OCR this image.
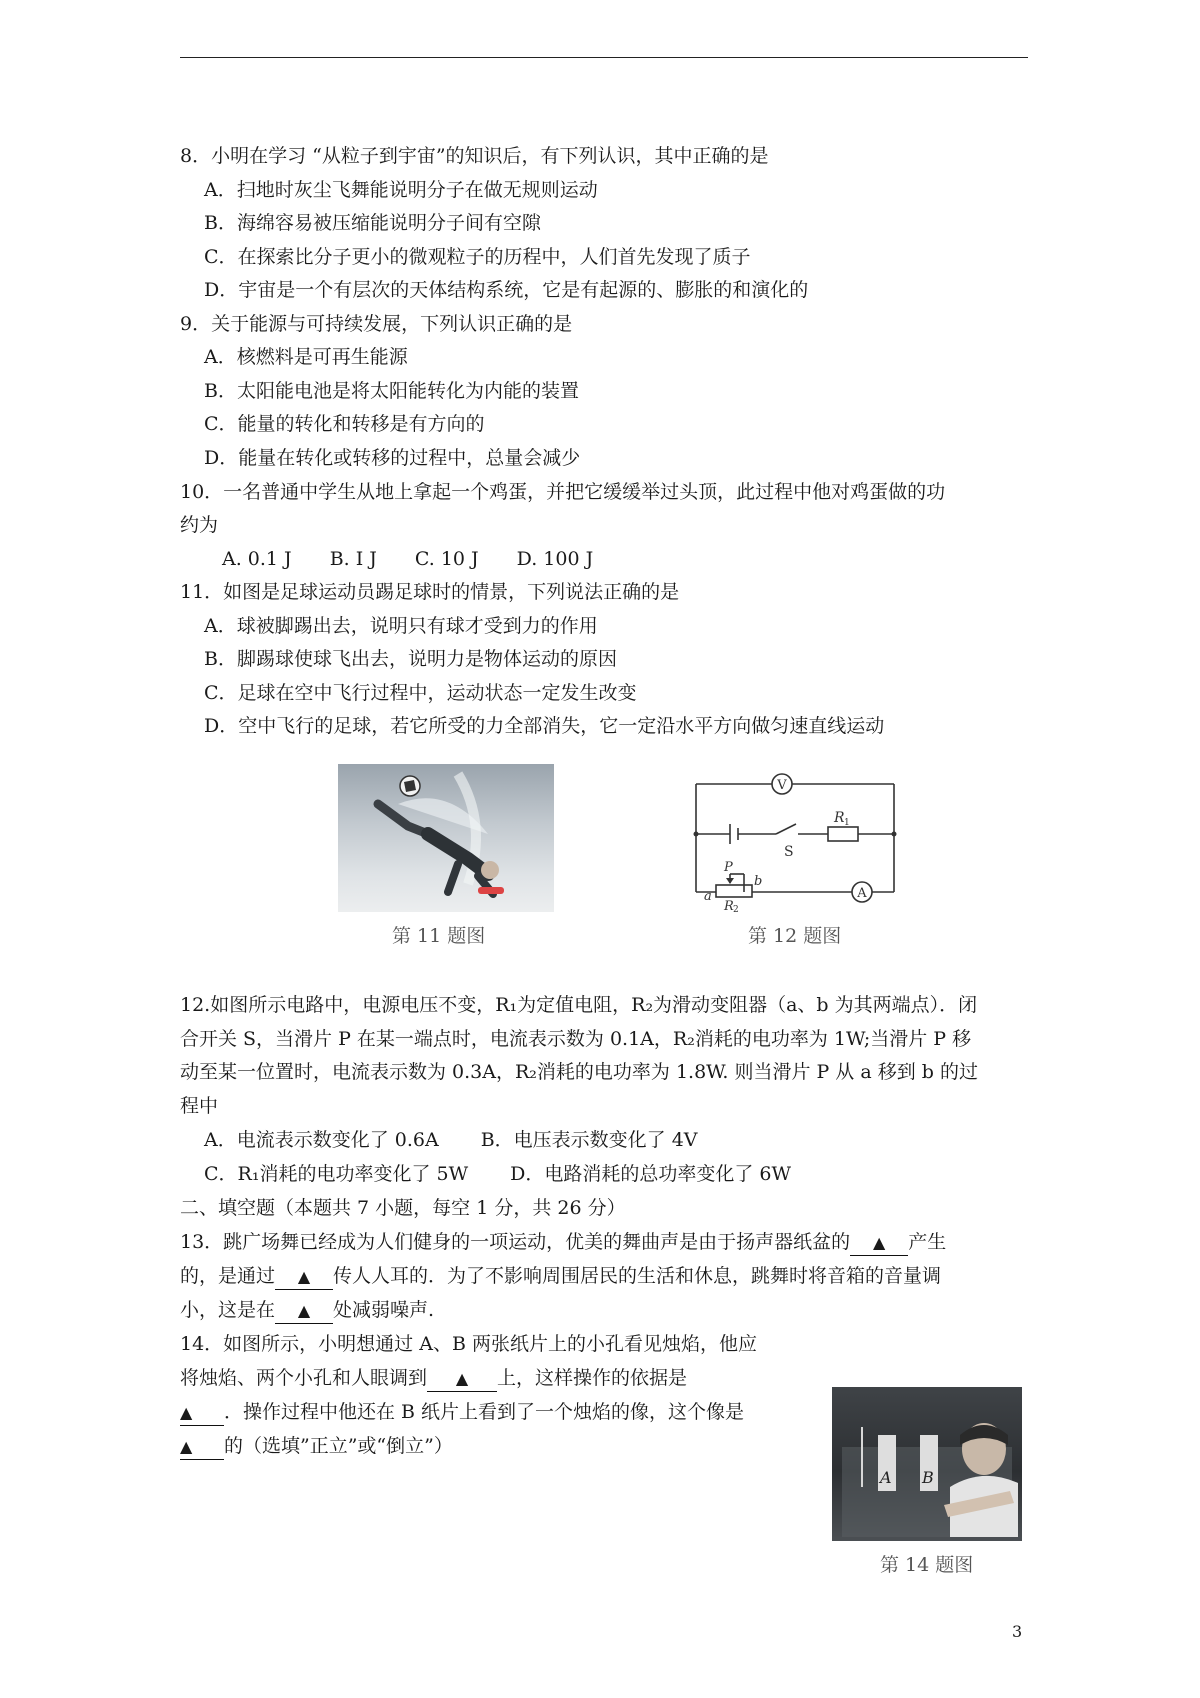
8．小明在学习 “从粒子到宇宙”的知识后，有下列认识，其中正确的是
A．扫地时灰尘飞舞能说明分子在做无规则运动
B．海绵容易被压缩能说明分子间有空隙
C．在探索比分子更小的微观粒子的历程中，人们首先发现了质子
D．宇宙是一个有层次的天体结构系统，它是有起源的、膨胀的和演化的
9．关于能源与可持续发展，下列认识正确的是
A．核燃料是可再生能源
B．太阳能电池是将太阳能转化为内能的装置
C．能量的转化和转移是有方向的
D．能量在转化或转移的过程中，总量会减少
10．一名普通中学生从地上拿起一个鸡蛋，并把它缓缓举过头顶，此过程中他对鸡蛋做的功
约为
A. 0.1 J B. I J C. 10 J D. 100 J
11．如图是足球运动员踢足球时的情景，下列说法正确的是
A．球被脚踢出去，说明只有球才受到力的作用
B．脚踢球使球飞出去，说明力是物体运动的原因
C．足球在空中飞行过程中，运动状态一定发生改变
D．空中飞行的足球，若它所受的力全部消失，它一定沿水平方向做匀速直线运动
第 11 题图
V
A
S
R 1
P
a
b
R 2
第 12 题图
12.如图所示电路中，电源电压不变，R₁为定值电阻，R₂为滑动变阻器（a、b 为其两端点）．闭
合开关 S，当滑片 P 在某一端点时，电流表示数为 0.1A，R₂消耗的电功率为 1W;当滑片 P 移
动至某一位置时，电流表示数为 0.3A，R₂消耗的电功率为 1.8W. 则当滑片 P 从 a 移到 b 的过
程中
A．电流表示数变化了 0.6A B．电压表示数变化了 4V
C．R₁消耗的电功率变化了 5W D．电路消耗的总功率变化了 6W
二、填空题（本题共 7 小题，每空 1 分，共 26 分）
13．跳广场舞已经成为人们健身的一项运动，优美的舞曲声是由于扬声器纸盆的 ▲ 产生
的，是通过 ▲ 传人人耳的．为了不影响周围居民的生活和休息，跳舞时将音箱的音量调
小，这是在 ▲ 处减弱噪声.
14．如图所示，小明想通过 A、B 两张纸片上的小孔看见烛焰，他应
将烛焰、两个小孔和人眼调到 ▲ 上，这样操作的依据是
▲ ．操作过程中他还在 B 纸片上看到了一个烛焰的像，这个像是
▲ 的（选填”正立”或“倒立”）
A B
第 14 题图
3
